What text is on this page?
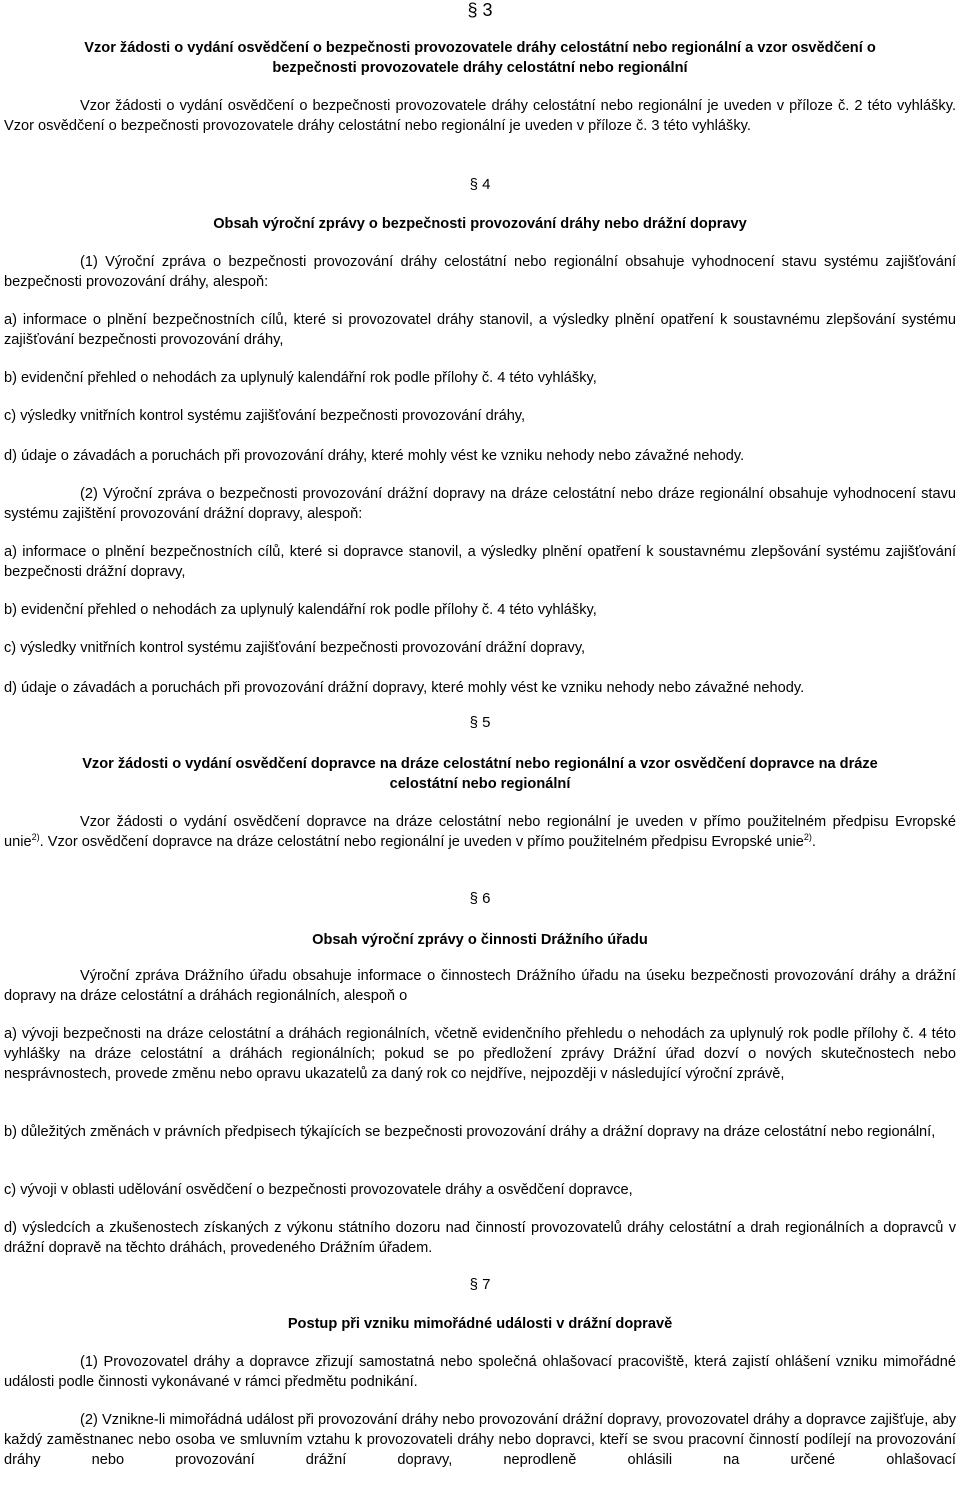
§ 3
Vzor žádosti o vydání osvědčení o bezpečnosti provozovatele dráhy celostátní nebo regionální a vzor osvědčení o
bezpečnosti provozovatele dráhy celostátní nebo regionální

Vzor žádosti o vydání osvědčení o bezpečnosti provozovatele dráhy celostátní nebo regionální je uveden v příloze č. 2 této vyhlášky. Vzor osvědčení o bezpečnosti provozovatele dráhy celostátní nebo regionální je uveden v příloze č. 3 této vyhlášky.

§ 4
Obsah výroční zprávy o bezpečnosti provozování dráhy nebo drážní dopravy

(1) Výroční zpráva o bezpečnosti provozování dráhy celostátní nebo regionální obsahuje vyhodnocení stavu systému zajišťování bezpečnosti provozování dráhy, alespoň:

a) informace o plnění bezpečnostních cílů, které si provozovatel dráhy stanovil, a výsledky plnění opatření k soustavnému zlepšování systému zajišťování bezpečnosti provozování dráhy,

b) evidenční přehled o nehodách za uplynulý kalendářní rok podle přílohy č. 4 této vyhlášky,

c) výsledky vnitřních kontrol systému zajišťování bezpečnosti provozování dráhy,

d) údaje o závadách a poruchách při provozování dráhy, které mohly vést ke vzniku nehody nebo závažné nehody.

(2) Výroční zpráva o bezpečnosti provozování drážní dopravy na dráze celostátní nebo dráze regionální obsahuje vyhodnocení stavu systému zajištění provozování drážní dopravy, alespoň:

a) informace o plnění bezpečnostních cílů, které si dopravce stanovil, a výsledky plnění opatření k soustavnému zlepšování systému zajišťování bezpečnosti drážní dopravy,

b) evidenční přehled o nehodách za uplynulý kalendářní rok podle přílohy č. 4 této vyhlášky,

c) výsledky vnitřních kontrol systému zajišťování bezpečnosti provozování drážní dopravy,

d) údaje o závadách a poruchách při provozování drážní dopravy, které mohly vést ke vzniku nehody nebo závažné nehody.

§ 5
Vzor žádosti o vydání osvědčení dopravce na dráze celostátní nebo regionální a vzor osvědčení dopravce na dráze
celostátní nebo regionální

Vzor žádosti o vydání osvědčení dopravce na dráze celostátní nebo regionální je uveden v přímo použitelném předpisu Evropské unie$^{2)}$. Vzor osvědčení dopravce na dráze celostátní nebo regionální je uveden v přímo použitelném předpisu Evropské unie$^{2)}$.

§ 6
Obsah výroční zprávy o činnosti Drážního úřadu

Výroční zpráva Drážního úřadu obsahuje informace o činnostech Drážního úřadu na úseku bezpečnosti provozování dráhy a drážní dopravy na dráze celostátní a dráhách regionálních, alespoň o

a) vývoji bezpečnosti na dráze celostátní a dráhách regionálních, včetně evidenčního přehledu o nehodách za uplynulý rok podle přílohy č. 4 této vyhlášky na dráze celostátní a dráhách regionálních; pokud se po předložení zprávy Drážní úřad dozví o nových skutečnostech nebo nesprávnostech, provede změnu nebo opravu ukazatelů za daný rok co nejdříve, nejpozději v následující výroční zprávě,

b) důležitých změnách v právních předpisech týkajících se bezpečnosti provozování dráhy a drážní dopravy na dráze celostátní nebo regionální,

c) vývoji v oblasti udělování osvědčení o bezpečnosti provozovatele dráhy a osvědčení dopravce,

d) výsledcích a zkušenostech získaných z výkonu státního dozoru nad činností provozovatelů dráhy celostátní a drah regionálních a dopravců v drážní dopravě na těchto dráhách, provedeného Drážním úřadem.

§ 7
Postup při vzniku mimořádné události v drážní dopravě

(1) Provozovatel dráhy a dopravce zřizují samostatná nebo společná ohlašovací pracoviště, která zajistí ohlášení vzniku mimořádné události podle činnosti vykonávané v rámci předmětu podnikání.

(2) Vznikne-li mimořádná událost při provozování dráhy nebo provozování drážní dopravy, provozovatel dráhy a dopravce zajišťuje, aby každý zaměstnanec nebo osoba ve smluvním vztahu k provozovateli dráhy nebo dopravci, kteří se svou pracovní činností podílejí na provozování dráhy nebo provozování drážní dopravy, neprodleně ohlásili na určené ohlašovací
